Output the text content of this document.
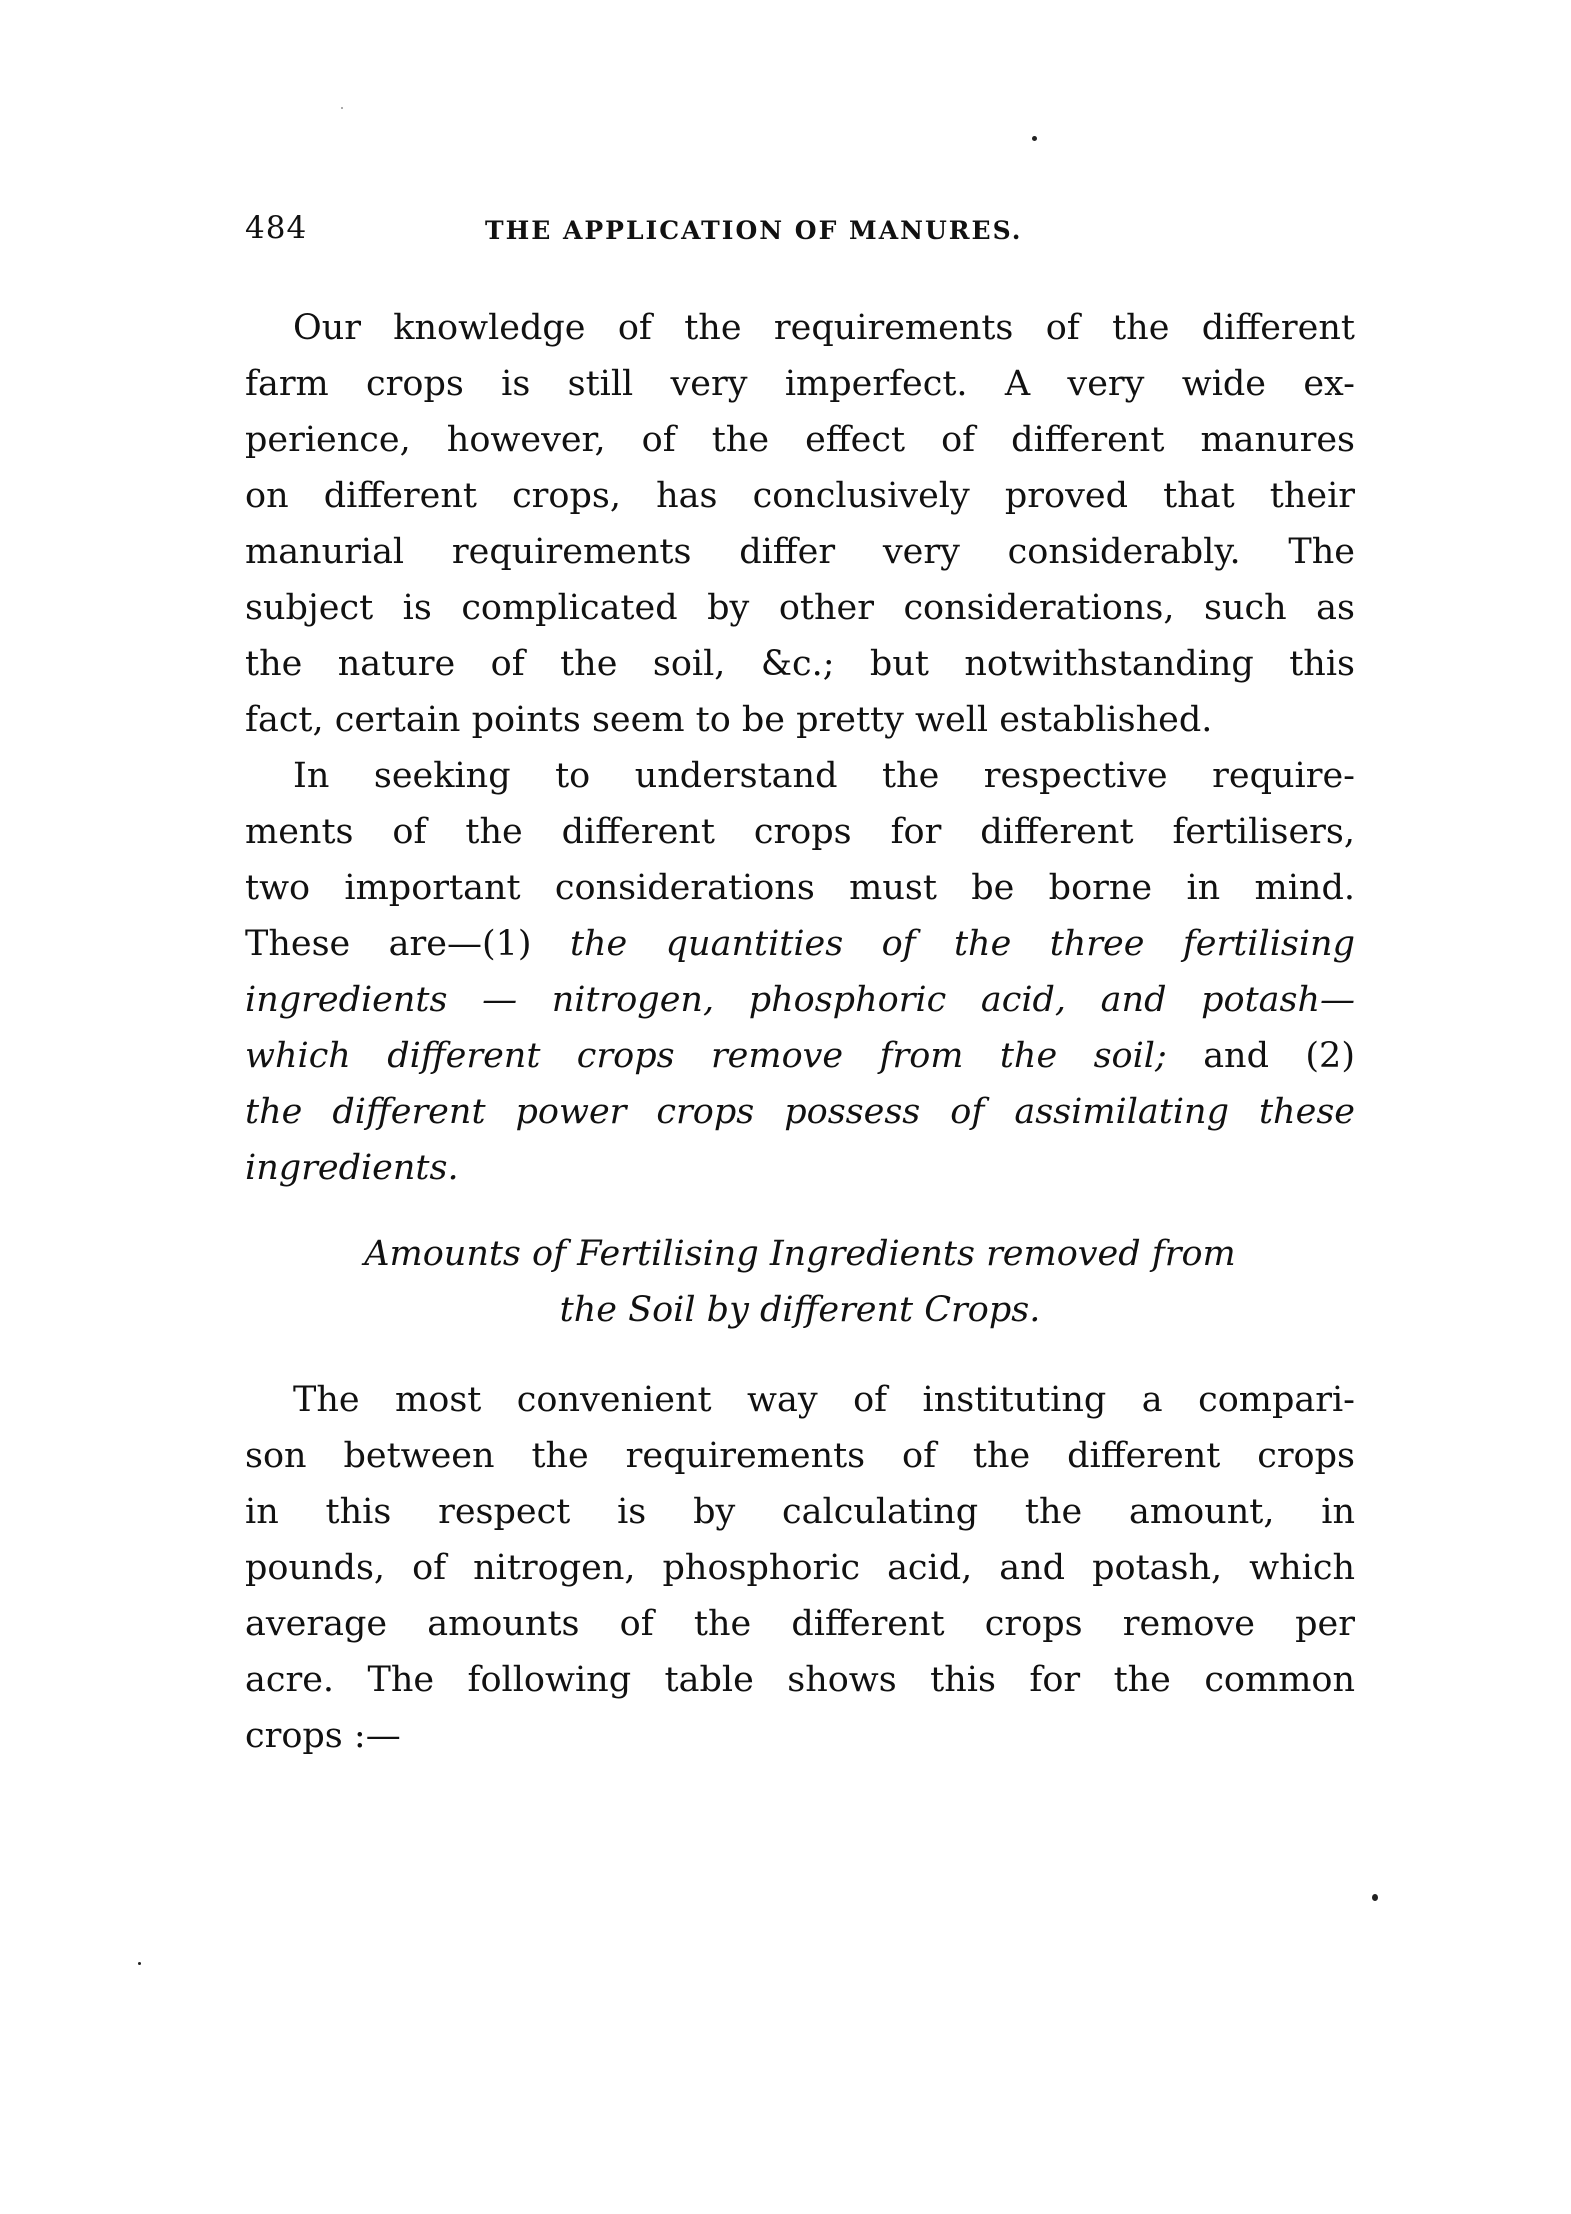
484	THE APPLICATION OF MANURES.
Our knowledge of the requirements of the different
farm crops is still very imperfect. A very wide ex-
perience, however, of the effect of different manures
on different crops, has conclusively proved that their
manurial requirements differ very considerably. The
subject is complicated by other considerations, such as
the nature of the soil, &c.; but notwithstanding this
fact, certain points seem to be pretty well established.
In seeking to understand the respective require-
ments of the different crops for different fertilisers,
two important considerations must be borne in mind.
These are—(1) the quantities of the three fertilising
ingredients — nitrogen, phosphoric acid, and potash—
which different crops remove from the soil; and (2)
the different power crops possess of assimilating these
ingredients.
Amounts of Fertilising Ingredients removed from
the Soil by different Crops.
The most convenient way of instituting a compari-
son between the requirements of the different crops
in this respect is by calculating the amount, in
pounds, of nitrogen, phosphoric acid, and potash, which
average amounts of the different crops remove per
acre. The following table shows this for the common
crops :—
